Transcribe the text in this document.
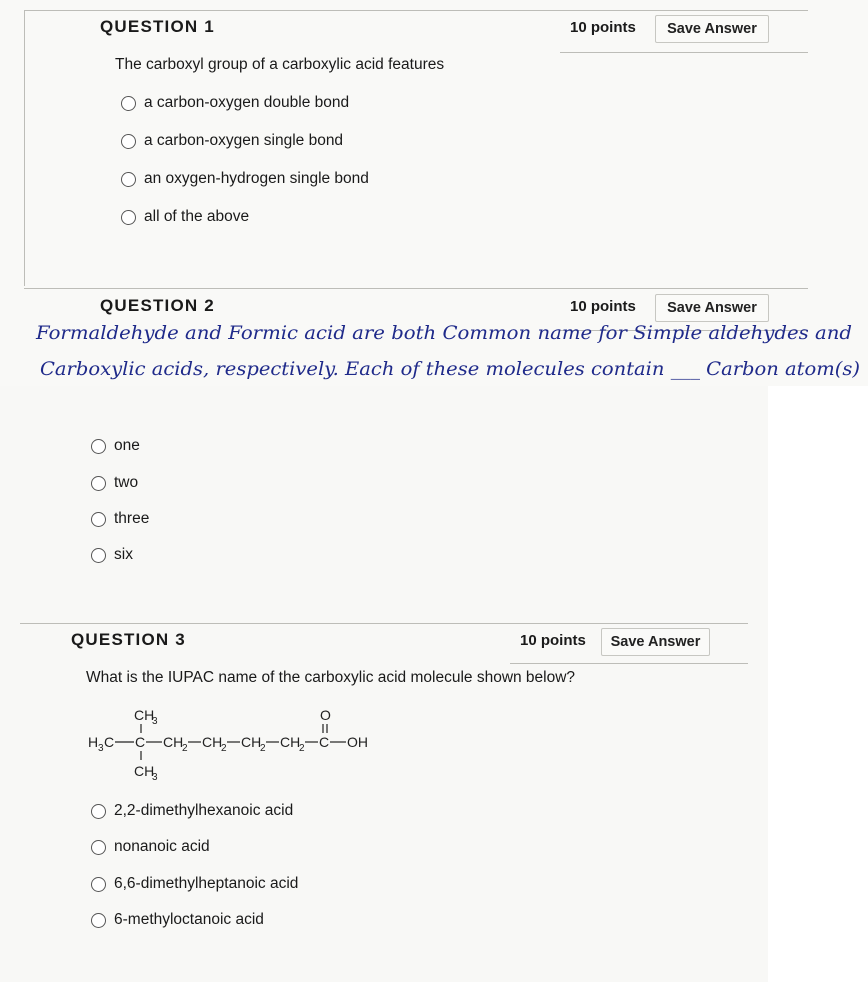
QUESTION 1	10 points	Save Answer
The carboxyl group of a carboxylic acid features
a carbon-oxygen double bond
a carbon-oxygen single bond
an oxygen-hydrogen single bond
all of the above
QUESTION 2	10 points	Save Answer
Formaldehyde and Formic acid are both Common name for Simple aldehydes and
Carboxylic acids, respectively. Each of these molecules contain ___ Carbon atom(s)
one
two
three
six
QUESTION 3	10 points	Save Answer
What is the IUPAC name of the carboxylic acid molecule shown below?
2,2-dimethylhexanoic acid
nonanoic acid
6,6-dimethylheptanoic acid
6-methyloctanoic acid
CH
3	O
H 3 C C CH
2 CH
2 CH
2 CH
2 C OH
CH
3
